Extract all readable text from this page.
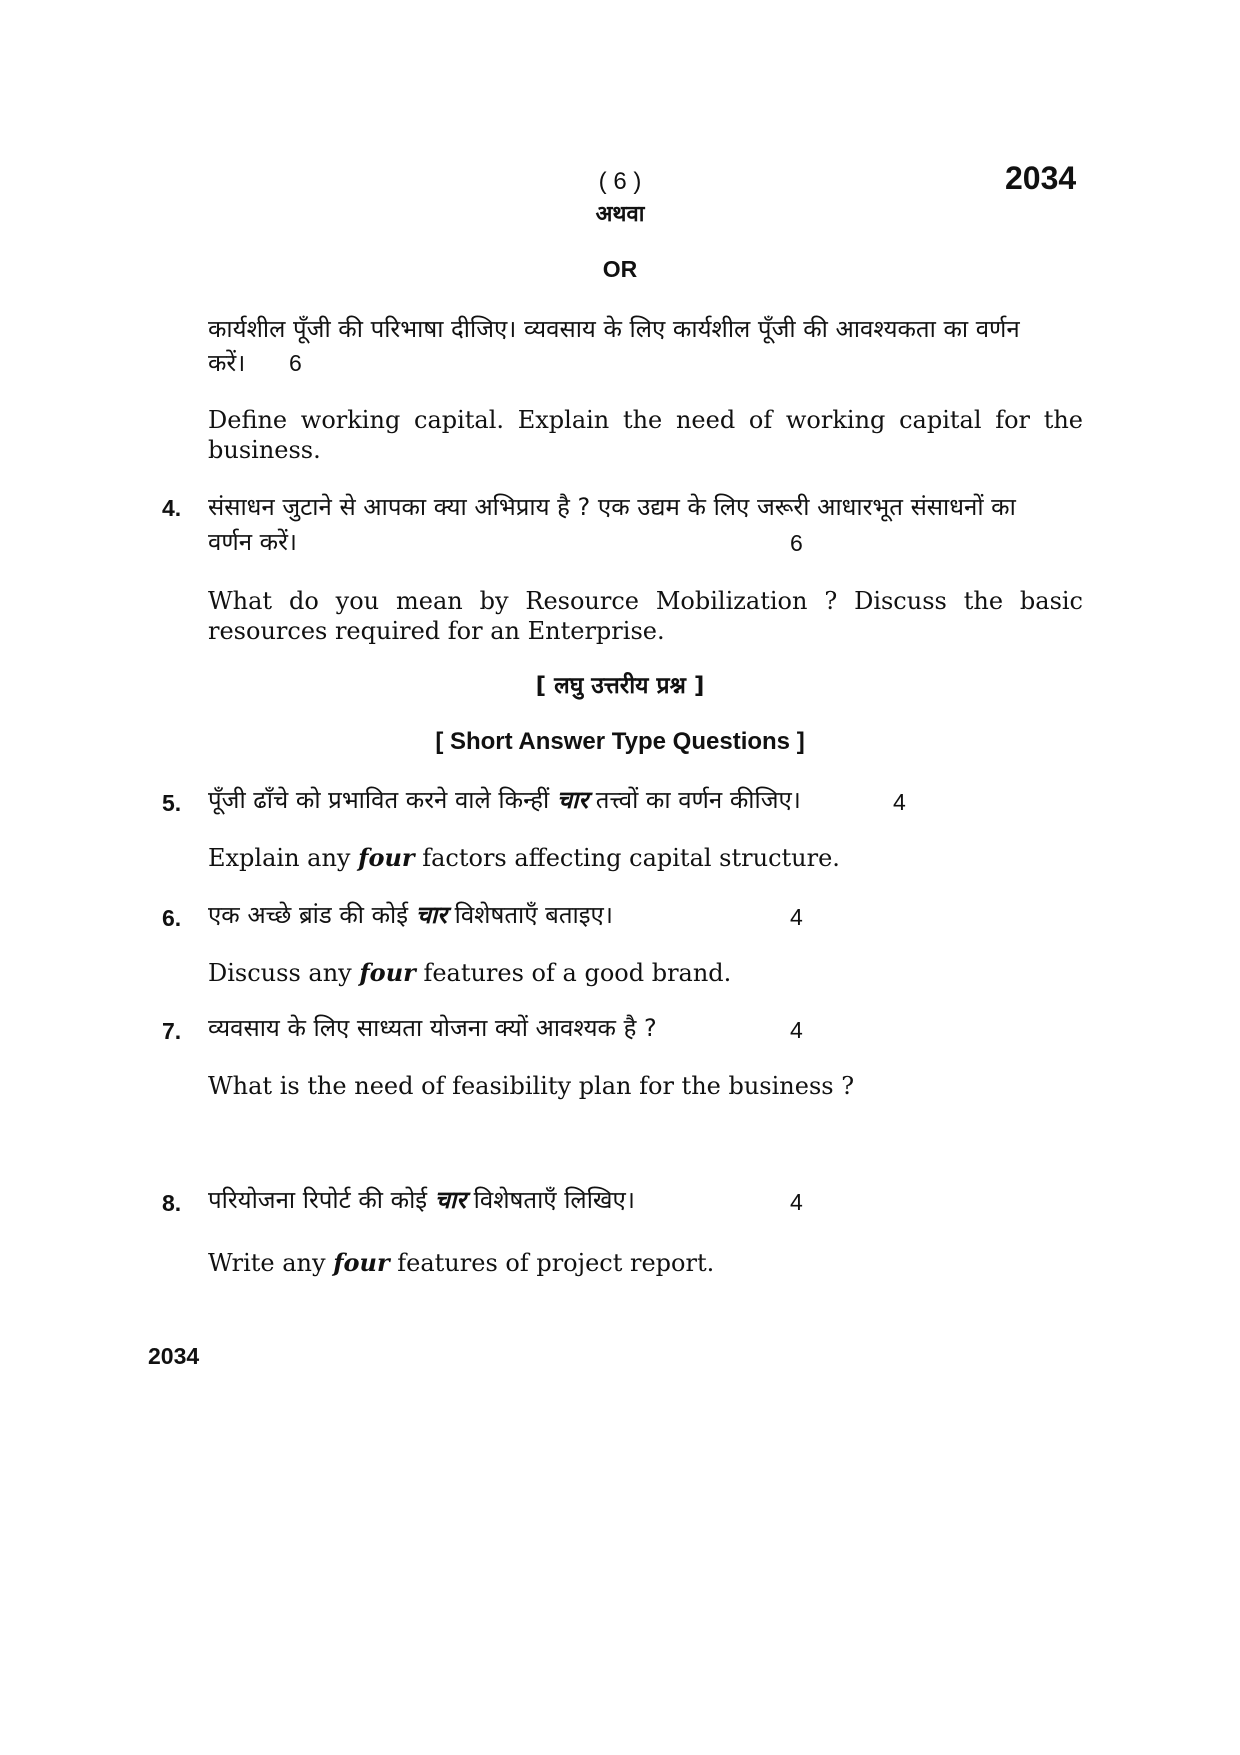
( 6 )	2034
अथवा
OR
कार्यशील पूँजी की परिभाषा दीजिए। व्यवसाय के लिए कार्यशील पूँजी की आवश्यकता का वर्णन
करें। 6
Define working capital. Explain the need of working capital for the business.
4. संसाधन जुटाने से आपका क्या अभिप्राय है ? एक उद्यम के लिए जरूरी आधारभूत संसाधनों का
वर्णन करें।	6
What do you mean by Resource Mobilization ? Discuss the basic resources required for an Enterprise.
[ लघु उत्तरीय प्रश्न ]
[ Short Answer Type Questions ]
5. पूँजी ढाँचे को प्रभावित करने वाले किन्हीं चार तत्त्वों का वर्णन कीजिए।	4
Explain any four factors affecting capital structure.
6. एक अच्छे ब्रांड की कोई चार विशेषताएँ बताइए।	4
Discuss any four features of a good brand.
7. व्यवसाय के लिए साध्यता योजना क्यों आवश्यक है ?	4
What is the need of feasibility plan for the business ?
8. परियोजना रिपोर्ट की कोई चार विशेषताएँ लिखिए।	4
Write any four features of project report.
2034
